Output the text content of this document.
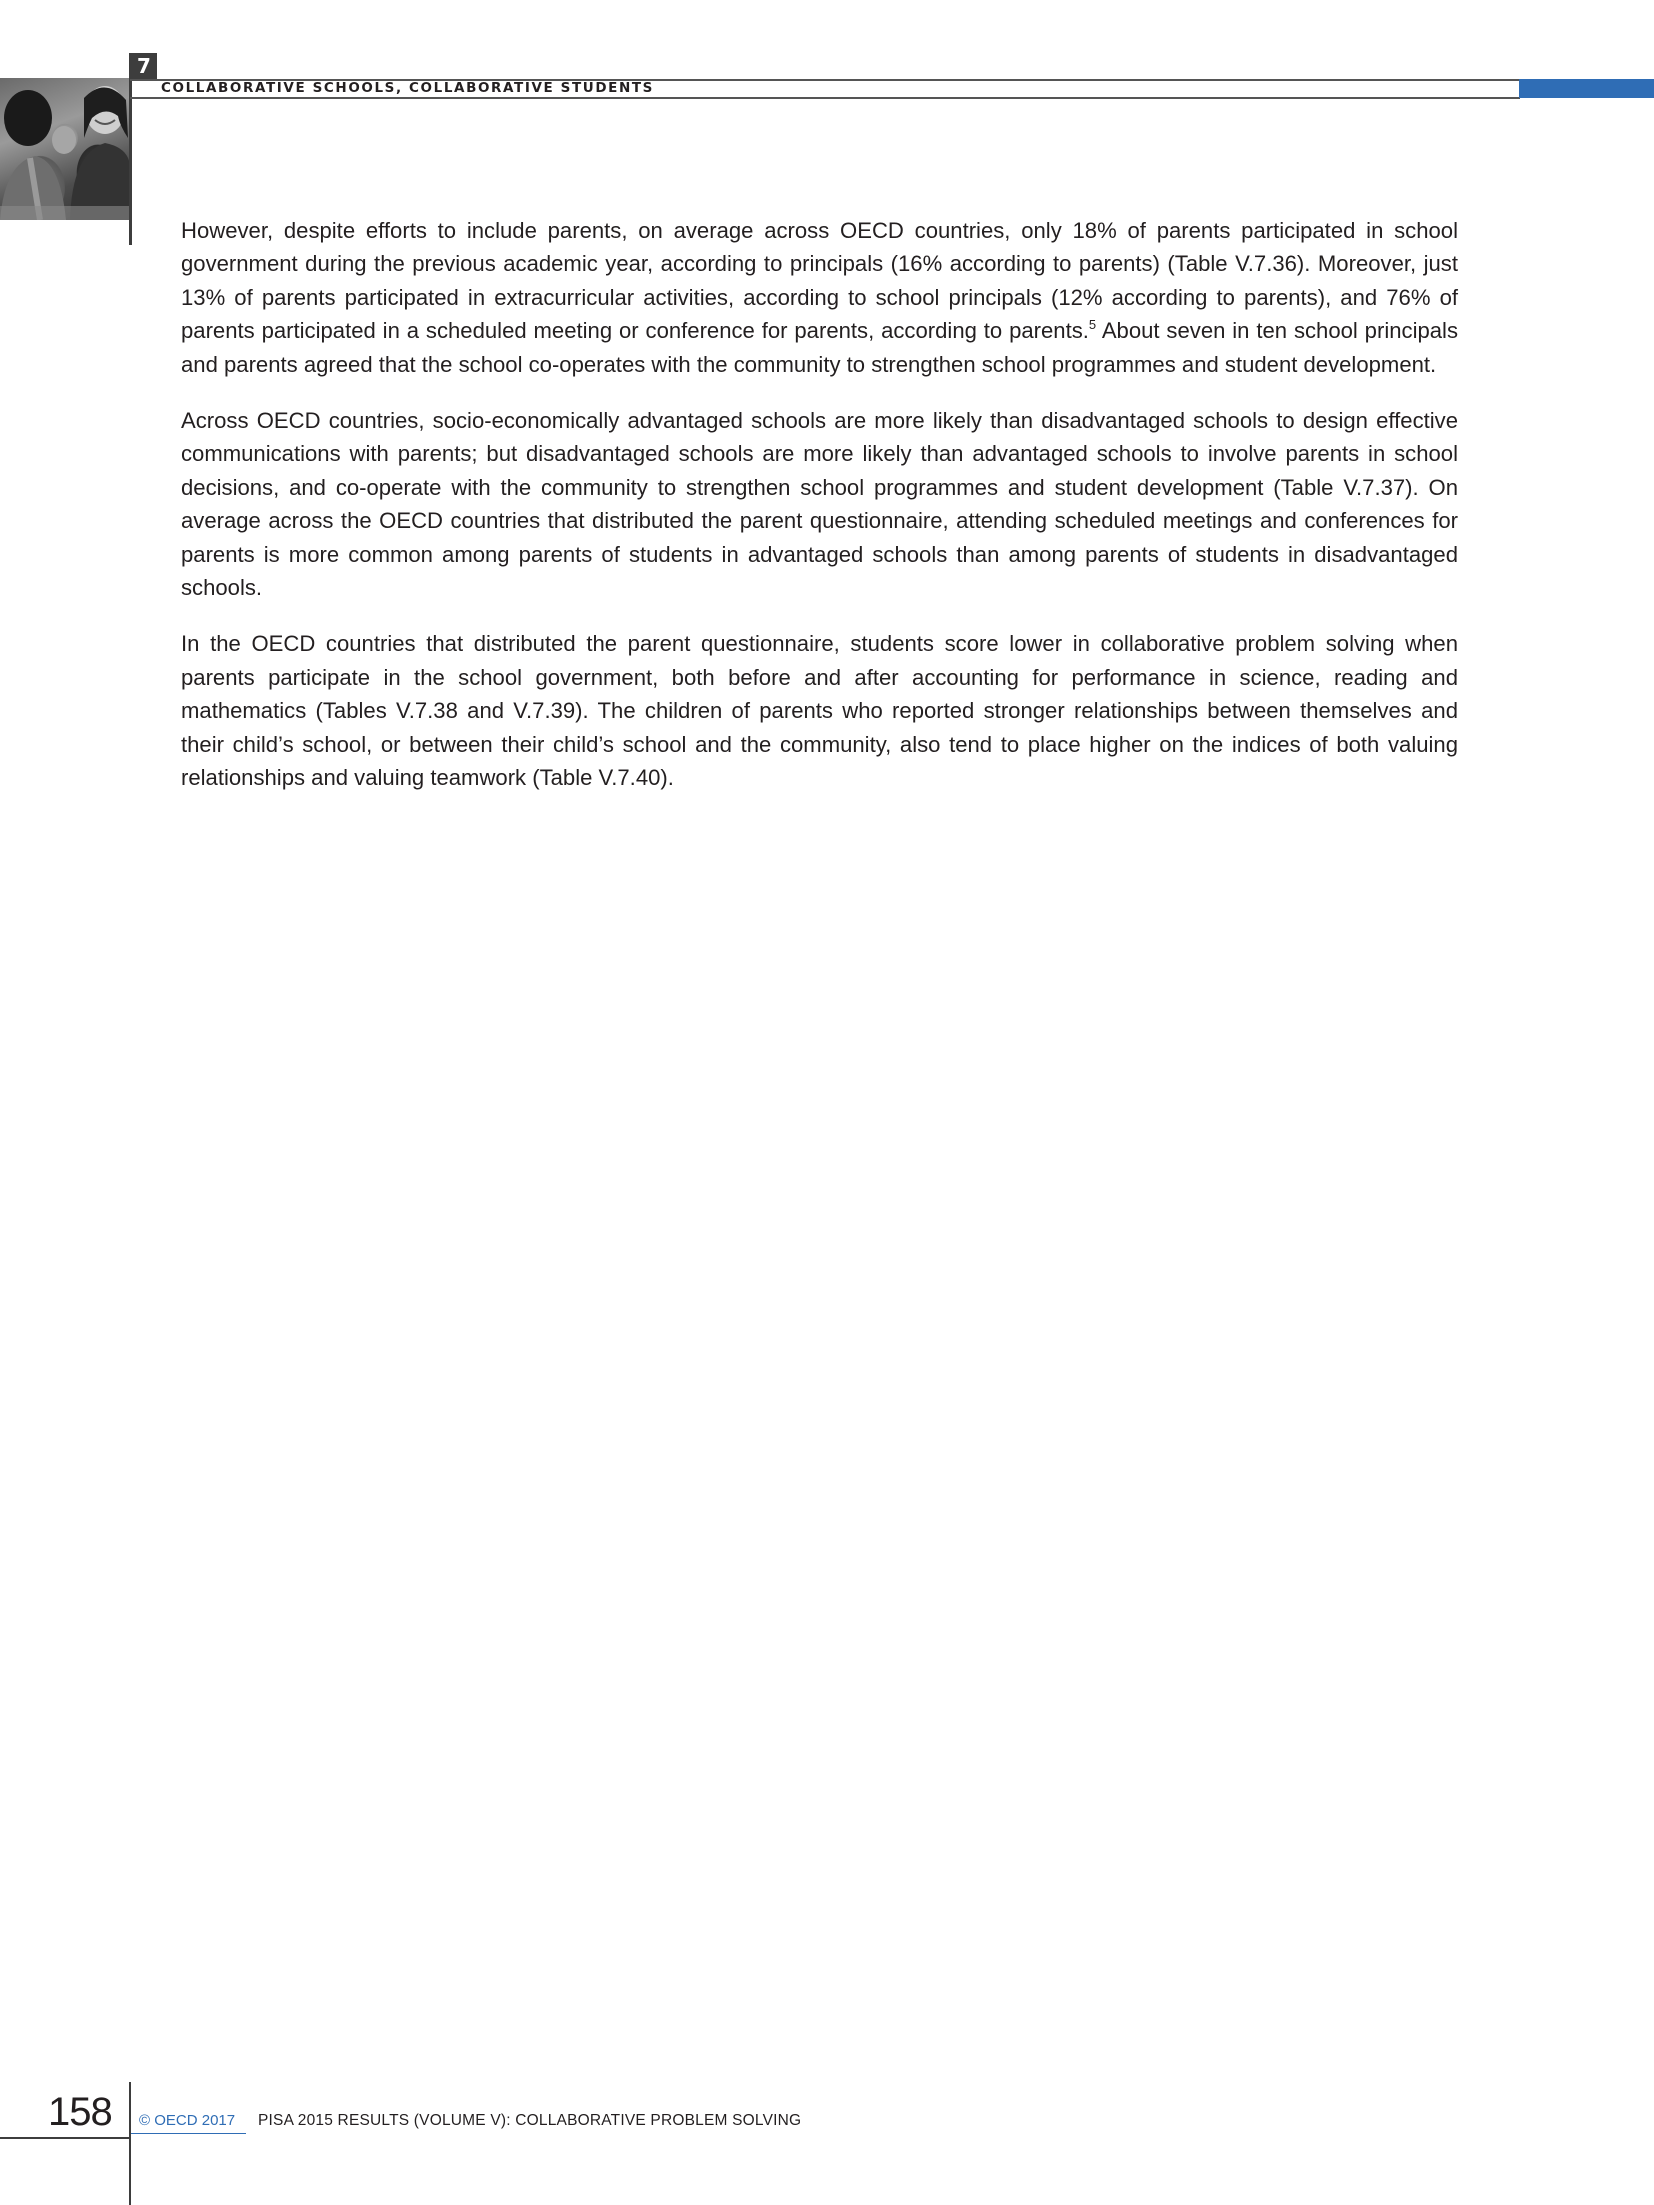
7
COLLABORATIVE SCHOOLS, COLLABORATIVE STUDENTS

However, despite efforts to include parents, on average across OECD countries, only 18% of parents participated in school government during the previous academic year, according to principals (16% according to parents) (Table V.7.36). Moreover, just 13% of parents participated in extracurricular activities, according to school principals (12% according to parents), and 76% of parents participated in a scheduled meeting or conference for parents, according to parents.$^5$ About seven in ten school principals and parents agreed that the school co-operates with the community to strengthen school programmes and student development.

Across OECD countries, socio-economically advantaged schools are more likely than disadvantaged schools to design effective communications with parents; but disadvantaged schools are more likely than advantaged schools to involve parents in school decisions, and co-operate with the community to strengthen school programmes and student development (Table V.7.37). On average across the OECD countries that distributed the parent questionnaire, attending scheduled meetings and conferences for parents is more common among parents of students in advantaged schools than among parents of students in disadvantaged schools.

In the OECD countries that distributed the parent questionnaire, students score lower in collaborative problem solving when parents participate in the school government, both before and after accounting for performance in science, reading and mathematics (Tables V.7.38 and V.7.39). The children of parents who reported stronger relationships between themselves and their child’s school, or between their child’s school and the community, also tend to place higher on the indices of both valuing relationships and valuing teamwork (Table V.7.40).

158 © OECD 2017 PISA 2015 RESULTS (VOLUME V): COLLABORATIVE PROBLEM SOLVING
